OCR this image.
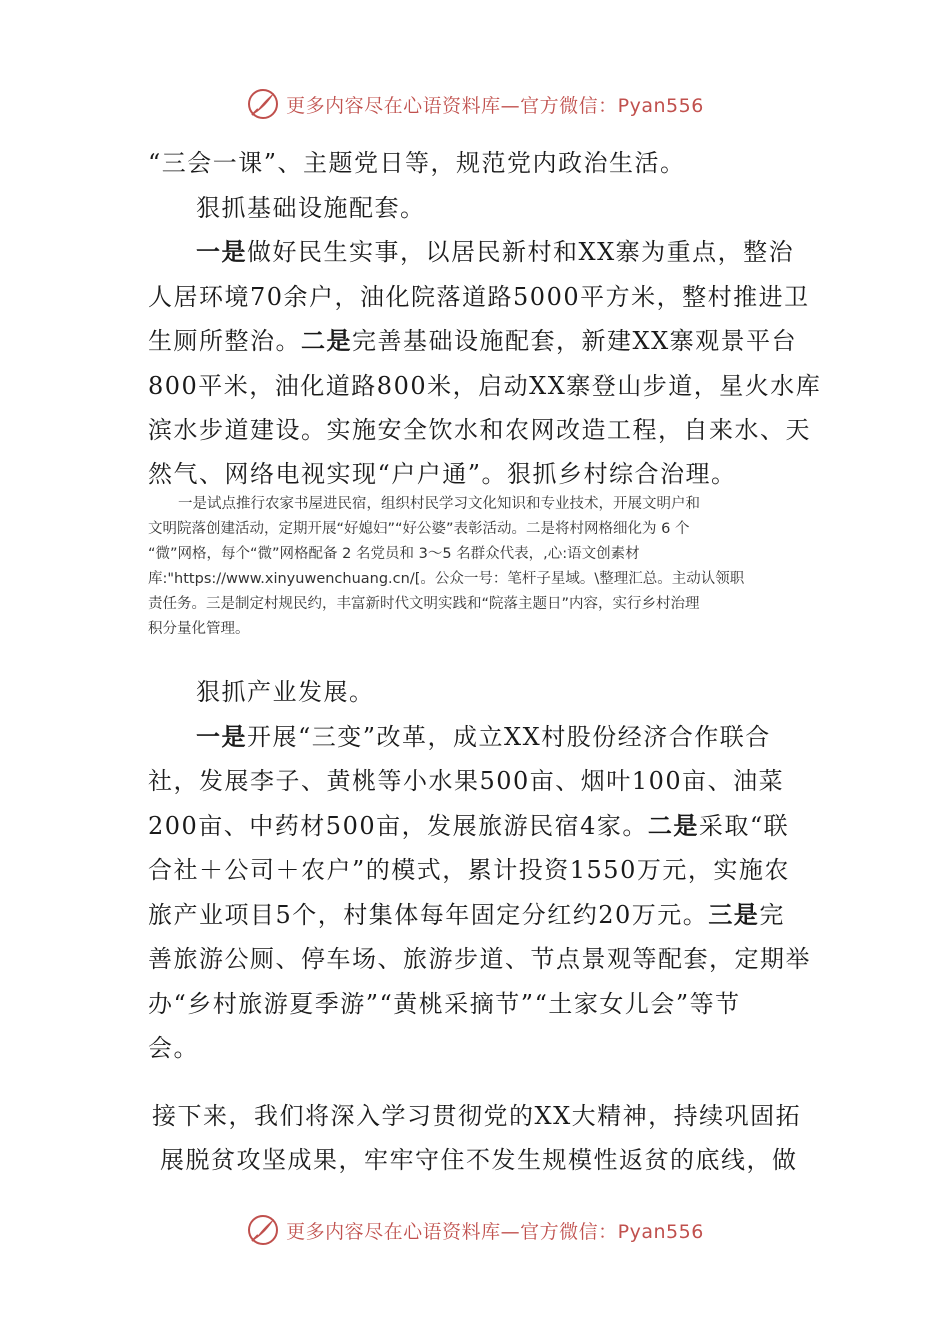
更多内容尽在心语资料库—官方微信：Pyan556

“三会一课”、主题党日等，规范党内政治生活。

狠抓基础设施配套。

一是做好民生实事，以居民新村和XX寨为重点，整治

人居环境70余户，油化院落道路5000平方米，整村推进卫

生厕所整治。二是完善基础设施配套，新建XX寨观景平台

800平米，油化道路800米，启动XX寨登山步道，星火水库

滨水步道建设。实施安全饮水和农网改造工程，自来水、天

然气、网络电视实现“户户通”。狠抓乡村综合治理。

一是试点推行农家书屋进民宿，组织村民学习文化知识和专业技术，开展文明户和

文明院落创建活动，定期开展“好媳妇”“好公婆”表彰活动。二是将村网格细化为 6 个

“微”网格，每个“微”网格配备 2 名党员和 3～5 名群众代表，,心:语文创素材

库:"https://www.xinyuwenchuang.cn/[。公众一号：笔杆子星域。\整理汇总。主动认领职

责任务。三是制定村规民约，丰富新时代文明实践和“院落主题日”内容，实行乡村治理

积分量化管理。

狠抓产业发展。

一是开展“三变”改革，成立XX村股份经济合作联合

社，发展李子、黄桃等小水果500亩、烟叶100亩、油菜

200亩、中药材500亩，发展旅游民宿4家。二是采取“联

合社＋公司＋农户”的模式，累计投资1550万元，实施农

旅产业项目5个，村集体每年固定分红约20万元。三是完

善旅游公厕、停车场、旅游步道、节点景观等配套，定期举

办“乡村旅游夏季游”“黄桃采摘节”“土家女儿会”等节

会。

接下来，我们将深入学习贯彻党的XX大精神，持续巩固拓

展脱贫攻坚成果，牢牢守住不发生规模性返贫的底线，做

更多内容尽在心语资料库—官方微信：Pyan556
